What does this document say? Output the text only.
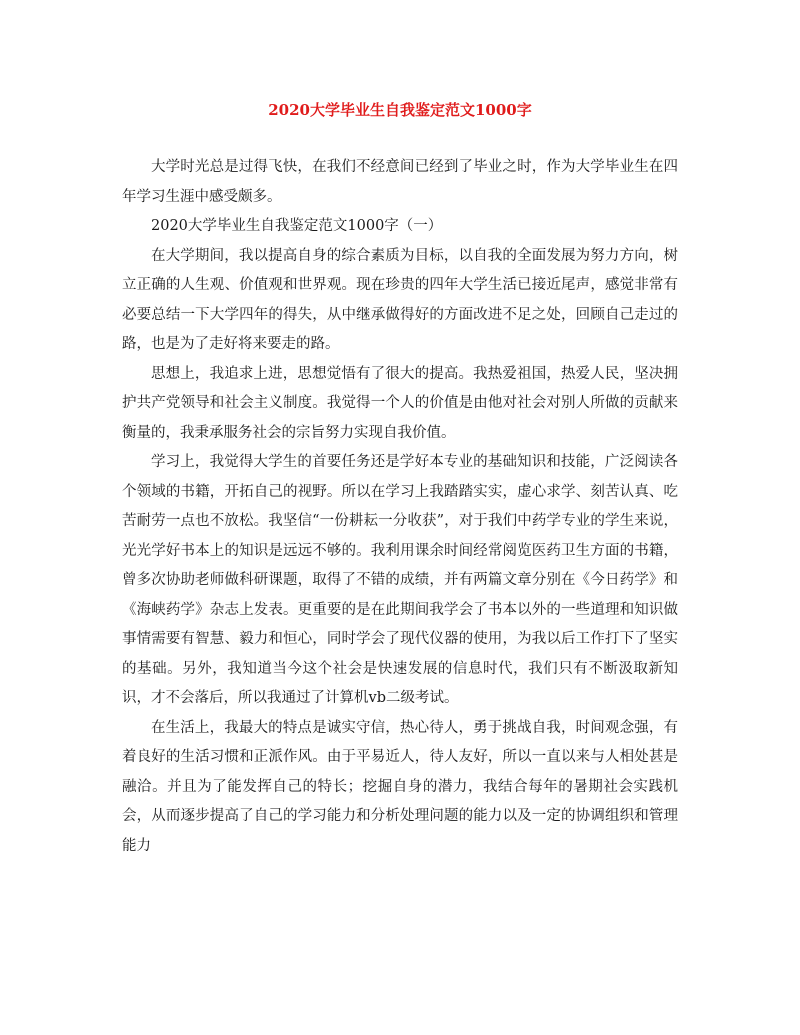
2020大学毕业生自我鉴定范文1000字

大学时光总是过得飞快，在我们不经意间已经到了毕业之时，作为大学毕业生在四年学习生涯中感受颇多。

2020大学毕业生自我鉴定范文1000字（一）

在大学期间，我以提高自身的综合素质为目标，以自我的全面发展为努力方向，树立正确的人生观、价值观和世界观。现在珍贵的四年大学生活已接近尾声，感觉非常有必要总结一下大学四年的得失，从中继承做得好的方面改进不足之处，回顾自己走过的路，也是为了走好将来要走的路。

思想上，我追求上进，思想觉悟有了很大的提高。我热爱祖国，热爱人民，坚决拥护共产党领导和社会主义制度。我觉得一个人的价值是由他对社会对别人所做的贡献来衡量的，我秉承服务社会的宗旨努力实现自我价值。

学习上，我觉得大学生的首要任务还是学好本专业的基础知识和技能，广泛阅读各个领域的书籍，开拓自己的视野。所以在学习上我踏踏实实，虚心求学、刻苦认真、吃苦耐劳一点也不放松。我坚信“一份耕耘一分收获”，对于我们中药学专业的学生来说，光光学好书本上的知识是远远不够的。我利用课余时间经常阅览医药卫生方面的书籍，曾多次协助老师做科研课题，取得了不错的成绩，并有两篇文章分别在《今日药学》和《海峡药学》杂志上发表。更重要的是在此期间我学会了书本以外的一些道理和知识做事情需要有智慧、毅力和恒心，同时学会了现代仪器的使用，为我以后工作打下了坚实的基础。另外，我知道当今这个社会是快速发展的信息时代，我们只有不断汲取新知识，才不会落后，所以我通过了计算机vb二级考试。

在生活上，我最大的特点是诚实守信，热心待人，勇于挑战自我，时间观念强，有着良好的生活习惯和正派作风。由于平易近人，待人友好，所以一直以来与人相处甚是融洽。并且为了能发挥自己的特长；挖掘自身的潜力，我结合每年的暑期社会实践机会，从而逐步提高了自己的学习能力和分析处理问题的能力以及一定的协调组织和管理能力
